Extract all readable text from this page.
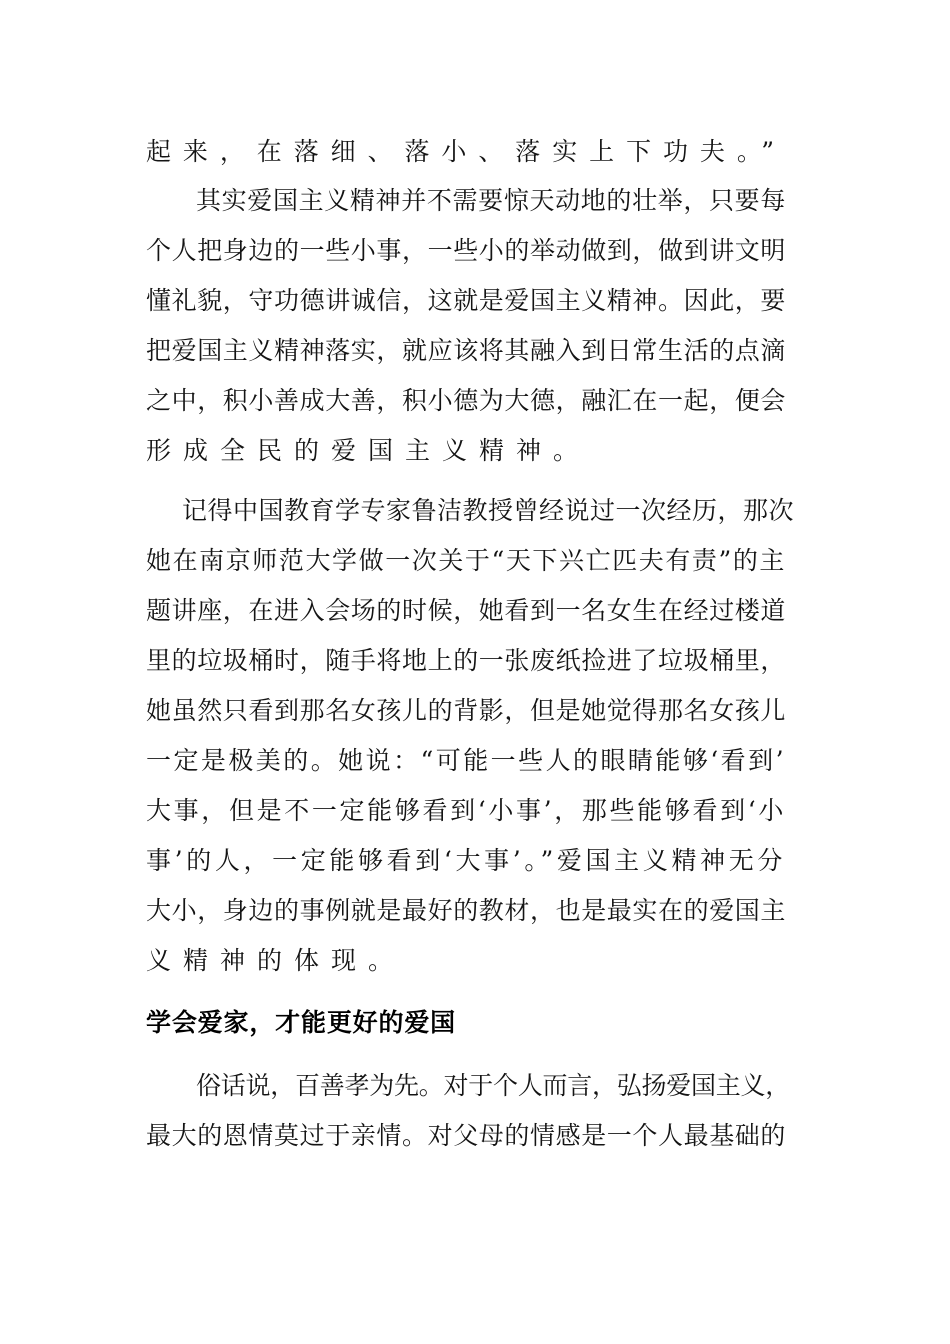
起来，在落细、落小、落实上下功夫。”
其实爱国主义精神并不需要惊天动地的壮举，只要每
个人把身边的一些小事，一些小的举动做到，做到讲文明
懂礼貌，守功德讲诚信，这就是爱国主义精神。因此，要
把爱国主义精神落实，就应该将其融入到日常生活的点滴
之中，积小善成大善，积小德为大德，融汇在一起，便会
形成全民的爱国主义精神。
记得中国教育学专家鲁洁教授曾经说过一次经历，那次
她在南京师范大学做一次关于“天下兴亡匹夫有责”的主
题讲座，在进入会场的时候，她看到一名女生在经过楼道
里的垃圾桶时，随手将地上的一张废纸捡进了垃圾桶里，
她虽然只看到那名女孩儿的背影，但是她觉得那名女孩儿
一定是极美的。她说：“可能一些人的眼睛能够‘看到’
大事，但是不一定能够看到‘小事’，那些能够看到‘小
事’的人，一定能够看到‘大事’。”爱国主义精神无分
大小，身边的事例就是最好的教材，也是最实在的爱国主
义精神的体现。
学会爱家，才能更好的爱国
俗话说，百善孝为先。对于个人而言，弘扬爱国主义，
最大的恩情莫过于亲情。对父母的情感是一个人最基础的
